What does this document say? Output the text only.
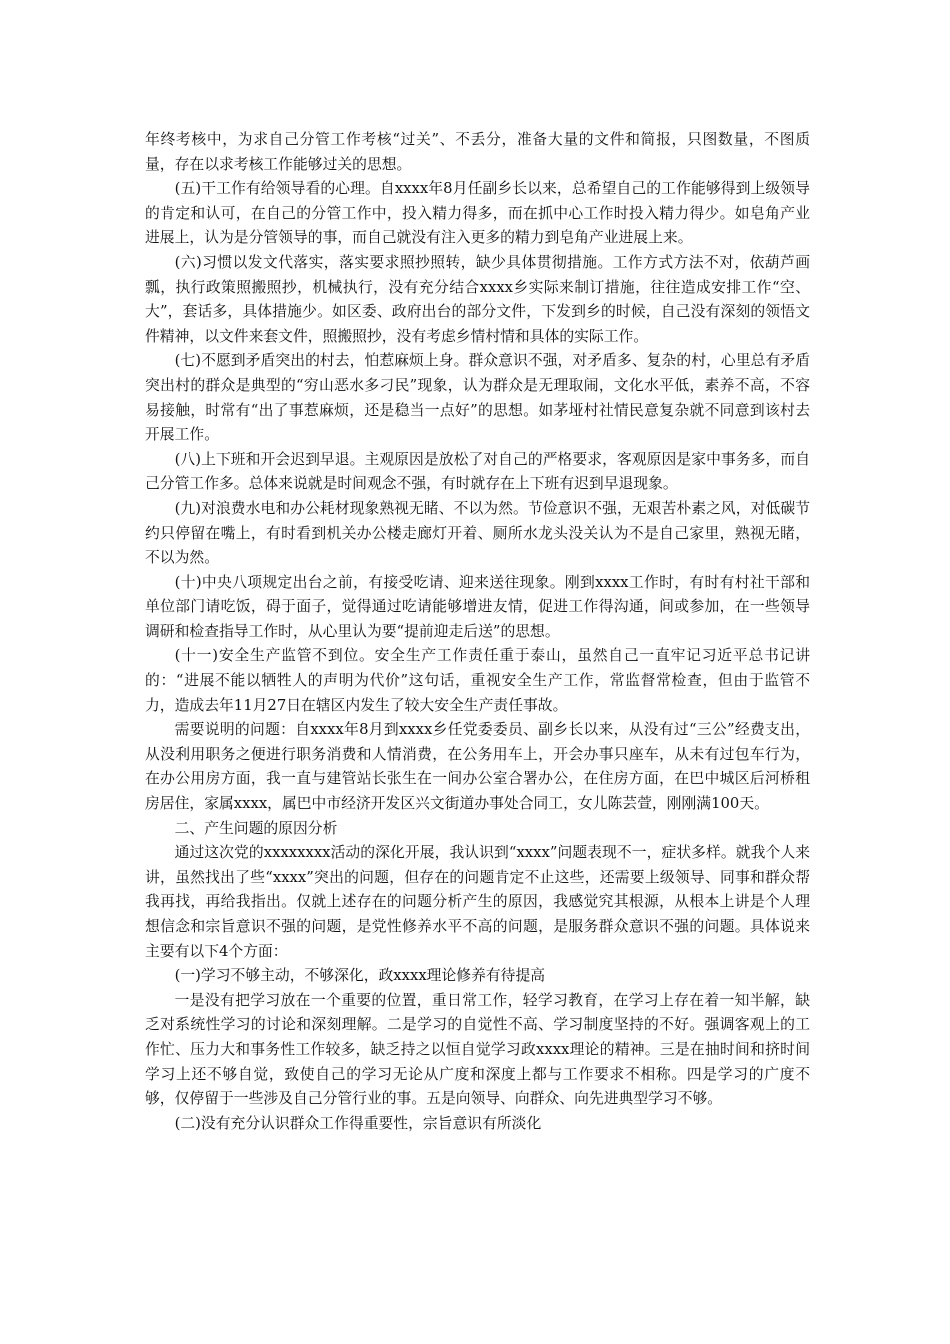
年终考核中，为求自己分管工作考核“过关”、不丢分，准备大量的文件和简报，只图数量，不图质量，存在以求考核工作能够过关的思想。

(五)干工作有给领导看的心理。自xxxx年8月任副乡长以来，总希望自己的工作能够得到上级领导的肯定和认可，在自己的分管工作中，投入精力得多，而在抓中心工作时投入精力得少。如皂角产业进展上，认为是分管领导的事，而自己就没有注入更多的精力到皂角产业进展上来。

(六)习惯以发文代落实，落实要求照抄照转，缺少具体贯彻措施。工作方式方法不对，依葫芦画瓢，执行政策照搬照抄，机械执行，没有充分结合xxxx乡实际来制订措施，往往造成安排工作“空、大”，套话多，具体措施少。如区委、政府出台的部分文件，下发到乡的时候，自己没有深刻的领悟文件精神，以文件来套文件，照搬照抄，没有考虑乡情村情和具体的实际工作。

(七)不愿到矛盾突出的村去，怕惹麻烦上身。群众意识不强，对矛盾多、复杂的村，心里总有矛盾突出村的群众是典型的“穷山恶水多刁民”现象，认为群众是无理取闹，文化水平低，素养不高，不容易接触，时常有“出了事惹麻烦，还是稳当一点好”的思想。如茅垭村社情民意复杂就不同意到该村去开展工作。

(八)上下班和开会迟到早退。主观原因是放松了对自己的严格要求，客观原因是家中事务多，而自己分管工作多。总体来说就是时间观念不强，有时就存在上下班有迟到早退现象。

(九)对浪费水电和办公耗材现象熟视无睹、不以为然。节俭意识不强，无艰苦朴素之风，对低碳节约只停留在嘴上，有时看到机关办公楼走廊灯开着、厕所水龙头没关认为不是自己家里，熟视无睹，不以为然。

(十)中央八项规定出台之前，有接受吃请、迎来送往现象。刚到xxxx工作时，有时有村社干部和单位部门请吃饭，碍于面子，觉得通过吃请能够增进友情，促进工作得沟通，间或参加，在一些领导调研和检查指导工作时，从心里认为要“提前迎走后送”的思想。

(十一)安全生产监管不到位。安全生产工作责任重于泰山，虽然自己一直牢记习近平总书记讲的：“进展不能以牺牲人的声明为代价”这句话，重视安全生产工作，常监督常检查，但由于监管不力，造成去年11月27日在辖区内发生了较大安全生产责任事故。

需要说明的问题：自xxxx年8月到xxxx乡任党委委员、副乡长以来，从没有过“三公”经费支出，从没利用职务之便进行职务消费和人情消费，在公务用车上，开会办事只座车，从未有过包车行为，在办公用房方面，我一直与建管站长张生在一间办公室合署办公，在住房方面，在巴中城区后河桥租房居住，家属xxxx，属巴中市经济开发区兴文街道办事处合同工，女儿陈芸萱，刚刚满100天。

二、产生问题的原因分析

通过这次党的xxxxxxxx活动的深化开展，我认识到“xxxx”问题表现不一，症状多样。就我个人来讲，虽然找出了些“xxxx”突出的问题，但存在的问题肯定不止这些，还需要上级领导、同事和群众帮我再找，再给我指出。仅就上述存在的问题分析产生的原因，我感觉究其根源，从根本上讲是个人理想信念和宗旨意识不强的问题，是党性修养水平不高的问题，是服务群众意识不强的问题。具体说来主要有以下4个方面：

(一)学习不够主动，不够深化，政xxxx理论修养有待提高

一是没有把学习放在一个重要的位置，重日常工作，轻学习教育，在学习上存在着一知半解，缺乏对系统性学习的讨论和深刻理解。二是学习的自觉性不高、学习制度坚持的不好。强调客观上的工作忙、压力大和事务性工作较多，缺乏持之以恒自觉学习政xxxx理论的精神。三是在抽时间和挤时间学习上还不够自觉，致使自己的学习无论从广度和深度上都与工作要求不相称。四是学习的广度不够，仅停留于一些涉及自己分管行业的事。五是向领导、向群众、向先进典型学习不够。

(二)没有充分认识群众工作得重要性，宗旨意识有所淡化
